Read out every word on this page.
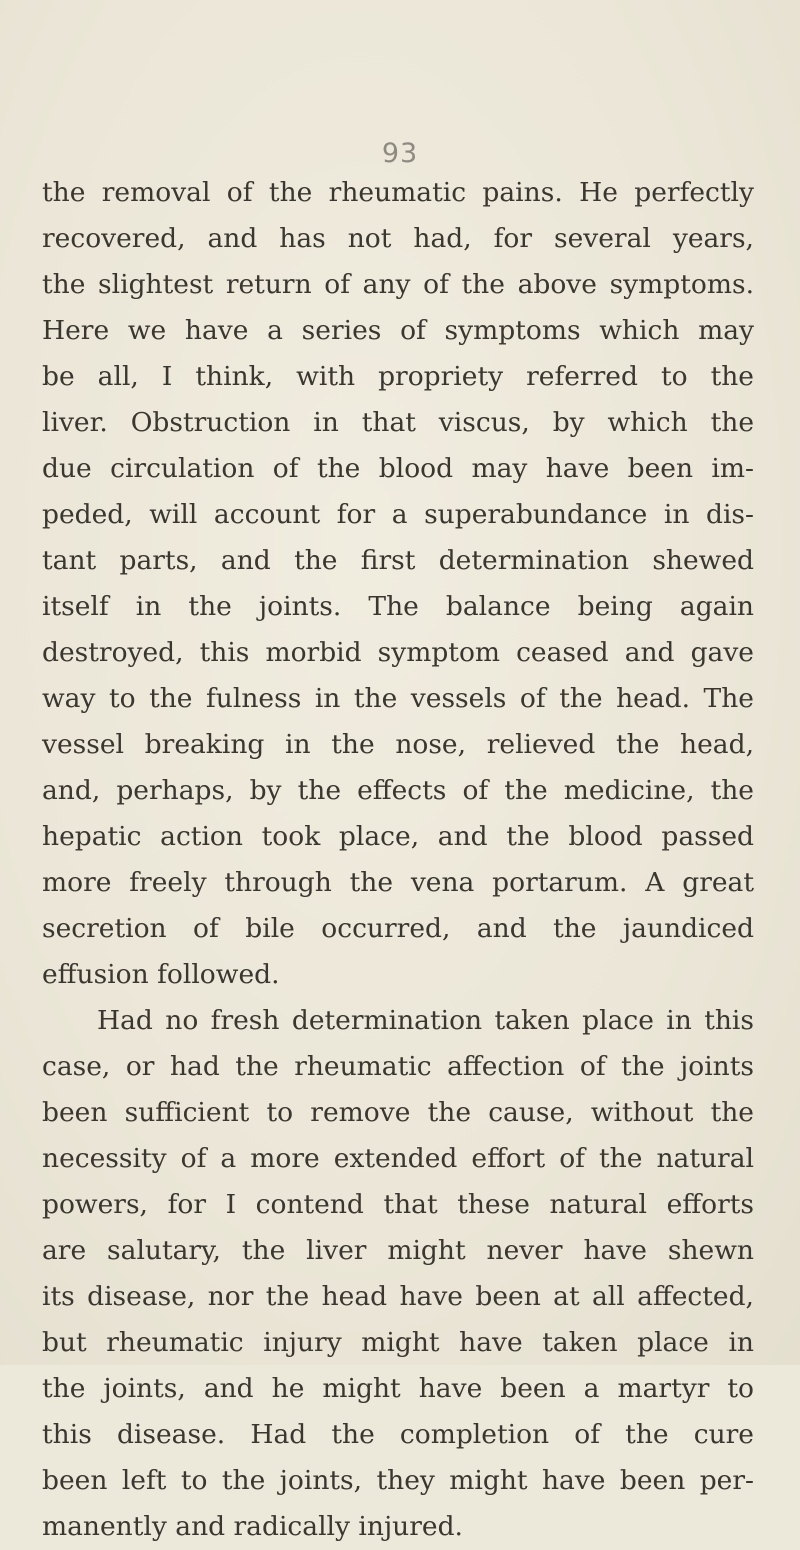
93
the removal of the rheumatic pains. He perfectly
recovered, and has not had, for several years,
the slightest return of any of the above symptoms.
Here we have a series of symptoms which may
be all, I think, with propriety referred to the
liver. Obstruction in that viscus, by which the
due circulation of the blood may have been im-
peded, will account for a superabundance in dis-
tant parts, and the first determination shewed
itself in the joints. The balance being again
destroyed, this morbid symptom ceased and gave
way to the fulness in the vessels of the head. The
vessel breaking in the nose, relieved the head,
and, perhaps, by the effects of the medicine, the
hepatic action took place, and the blood passed
more freely through the vena portarum. A great
secretion of bile occurred, and the jaundiced
effusion followed.
Had no fresh determination taken place in this
case, or had the rheumatic affection of the joints
been sufficient to remove the cause, without the
necessity of a more extended effort of the natural
powers, for I contend that these natural efforts
are salutary, the liver might never have shewn
its disease, nor the head have been at all affected,
but rheumatic injury might have taken place in
the joints, and he might have been a martyr to
this disease. Had the completion of the cure
been left to the joints, they might have been per-
manently and radically injured.
